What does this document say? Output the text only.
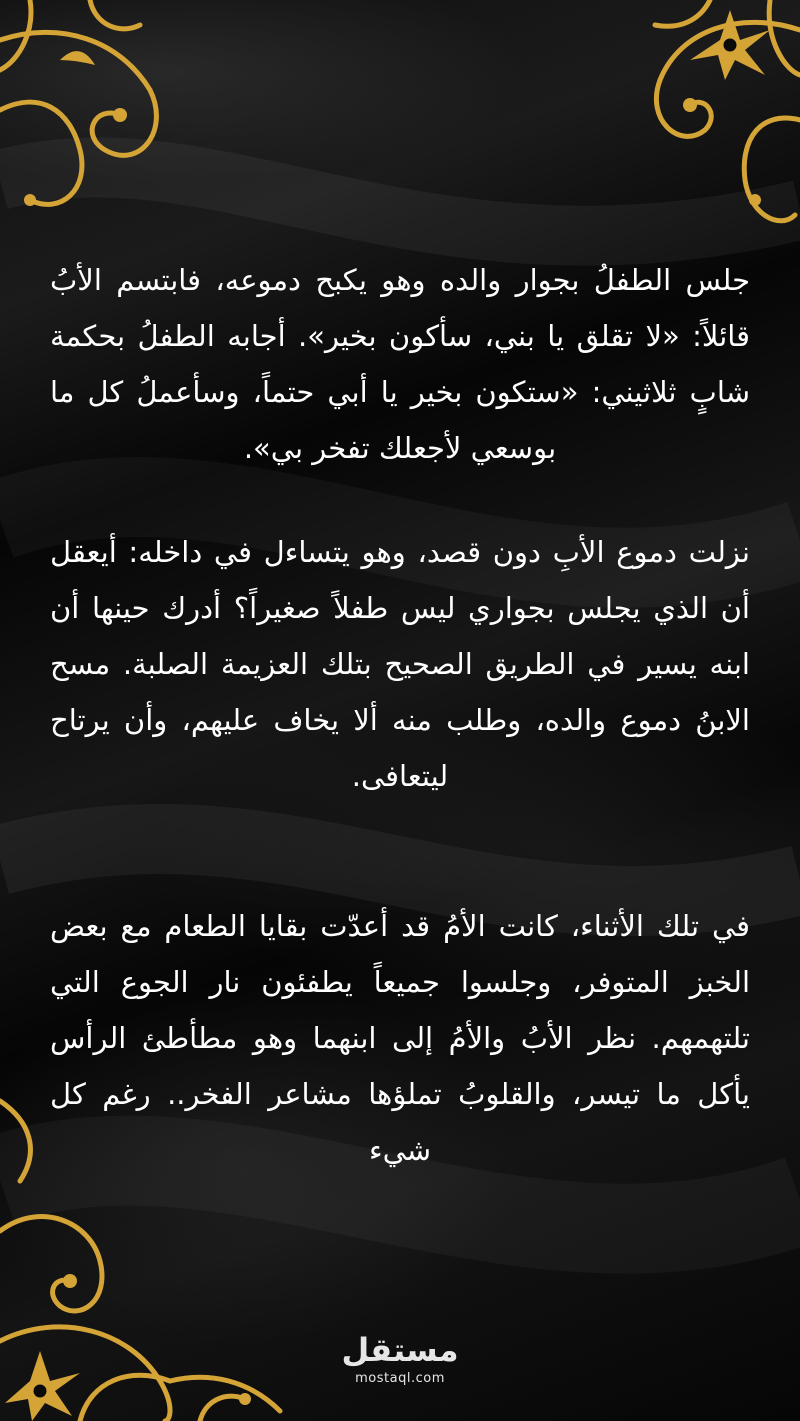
جلس الطفلُ بجوار والده وهو يكبح دموعه، فابتسم الأبُ قائلاً: «لا تقلق يا بني، سأكون بخير». أجابه الطفلُ بحكمة شابٍ ثلاثيني: «ستكون بخير يا أبي حتماً، وسأعملُ كل ما بوسعي لأجعلك تفخر بي».

نزلت دموع الأبِ دون قصد، وهو يتساءل في داخله: أيعقل أن الذي يجلس بجواري ليس طفلاً صغيراً؟ أدرك حينها أن ابنه يسير في الطريق الصحيح بتلك العزيمة الصلبة. مسح الابنُ دموع والده، وطلب منه ألا يخاف عليهم، وأن يرتاح ليتعافى.

في تلك الأثناء، كانت الأمُ قد أعدّت بقايا الطعام مع بعض الخبز المتوفر، وجلسوا جميعاً يطفئون نار الجوع التي تلتهمهم. نظر الأبُ والأمُ إلى ابنهما وهو مطأطئ الرأس يأكل ما تيسر، والقلوبُ تملؤها مشاعر الفخر.. رغم كل شيء

مستقل
mostaql.com
